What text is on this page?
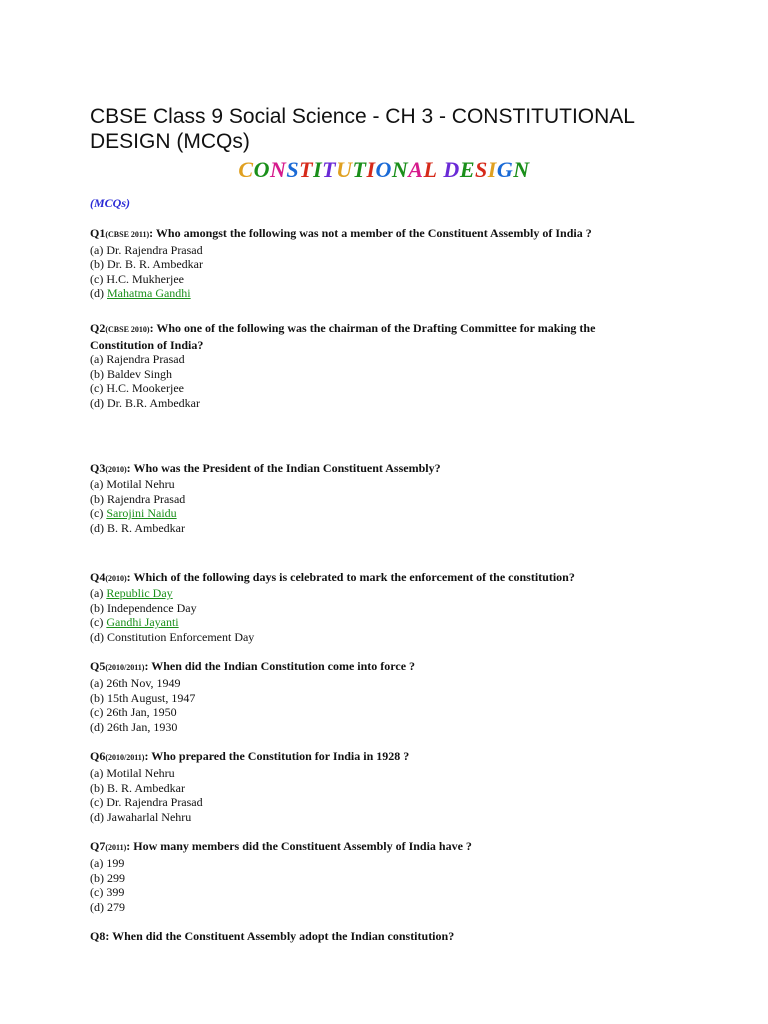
CBSE Class 9 Social Science - CH 3 - CONSTITUTIONAL DESIGN (MCQs)
CONSTITUTIONAL DESIGN
(MCQs)
Q1(CBSE 2011): Who amongst the following was not a member of the Constituent Assembly of India ?
(a) Dr. Rajendra Prasad
(b) Dr. B. R. Ambedkar
(c) H.C. Mukherjee
(d) Mahatma Gandhi
Q2(CBSE 2010): Who one of the following was the chairman of the Drafting Committee for making the Constitution of India?
(a) Rajendra Prasad
(b) Baldev Singh
(c) H.C. Mookerjee
(d) Dr. B.R. Ambedkar
Q3(2010): Who was the President of the Indian Constituent Assembly?
(a) Motilal Nehru
(b) Rajendra Prasad
(c) Sarojini Naidu
(d) B. R. Ambedkar
Q4(2010): Which of the following days is celebrated to mark the enforcement of the constitution?
(a) Republic Day
(b) Independence Day
(c) Gandhi Jayanti
(d) Constitution Enforcement Day
Q5(2010/2011): When did the Indian Constitution come into force ?
(a) 26th Nov, 1949
(b) 15th August, 1947
(c) 26th Jan, 1950
(d) 26th Jan, 1930
Q6(2010/2011): Who prepared the Constitution for India in 1928 ?
(a) Motilal Nehru
(b) B. R. Ambedkar
(c) Dr. Rajendra Prasad
(d) Jawaharlal Nehru
Q7(2011): How many members did the Constituent Assembly of India have ?
(a) 199
(b) 299
(c) 399
(d) 279
Q8: When did the Constituent Assembly adopt the Indian constitution?
